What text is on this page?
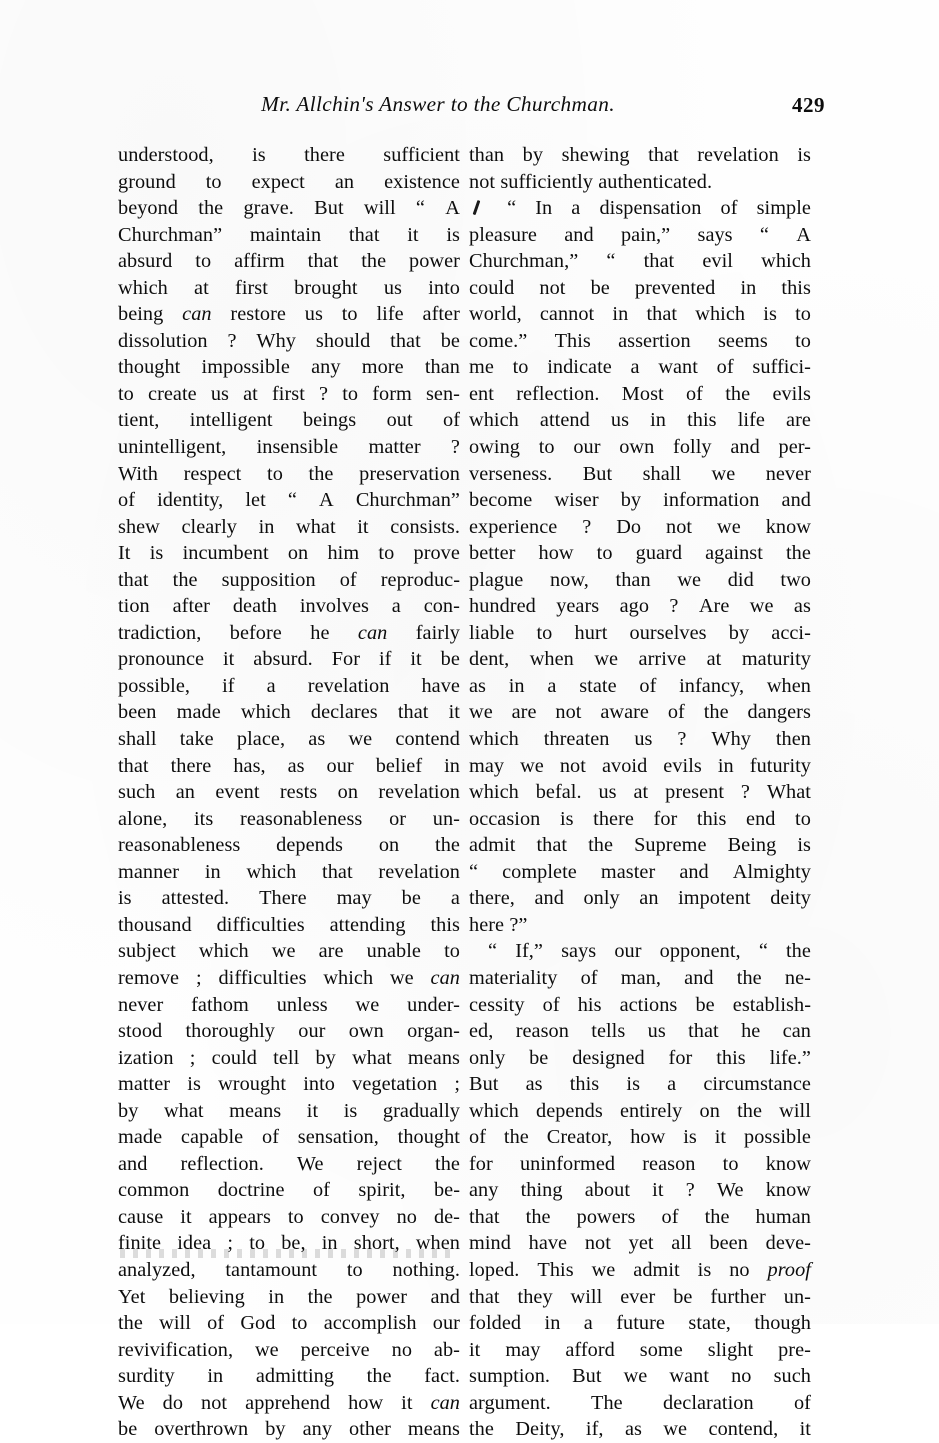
Mr. Allchin's Answer to the Churchman.	429
understood, is there sufficient
ground to expect an existence
beyond the grave. But will “ A
Churchman” maintain that it is
absurd to affirm that the power
which at first brought us into
being can restore us to life after
dissolution ? Why should that be
thought impossible any more than
to create us at first ? to form sen-
tient, intelligent beings out of
unintelligent, insensible matter ?
With respect to the preservation
of identity, let “ A Churchman”
shew clearly in what it consists.
It is incumbent on him to prove
that the supposition of reproduc-
tion after death involves a con-
tradiction, before he can fairly
pronounce it absurd. For if it be
possible, if a revelation have
been made which declares that it
shall take place, as we contend
that there has, as our belief in
such an event rests on revelation
alone, its reasonableness or un-
reasonableness depends on the
manner in which that revelation
is attested. There may be a
thousand difficulties attending this
subject which we are unable to
remove ; difficulties which we can
never fathom unless we under-
stood thoroughly our own organ-
ization ; could tell by what means
matter is wrought into vegetation ;
by what means it is gradually
made capable of sensation, thought
and reflection. We reject the
common doctrine of spirit, be-
cause it appears to convey no de-
finite idea ; to be, in short, when
analyzed, tantamount to nothing.
Yet believing in the power and
the will of God to accomplish our
revivification, we perceive no ab-
surdity in admitting the fact.
We do not apprehend how it can
be overthrown by any other means
than by shewing that revelation is
not sufficiently authenticated.
“ In a dispensation of simple
pleasure and pain,” says “ A
Churchman,” “ that evil which
could not be prevented in this
world, cannot in that which is to
come.” This assertion seems to
me to indicate a want of suffici-
ent reflection. Most of the evils
which attend us in this life are
owing to our own folly and per-
verseness. But shall we never
become wiser by information and
experience ? Do not we know
better how to guard against the
plague now, than we did two
hundred years ago ? Are we as
liable to hurt ourselves by acci-
dent, when we arrive at maturity
as in a state of infancy, when
we are not aware of the dangers
which threaten us ? Why then
may we not avoid evils in futurity
which befal. us at present ? What
occasion is there for this end to
admit that the Supreme Being is
“ complete master and Almighty
there, and only an impotent deity
here ?”
“ If,” says our opponent, “ the
materiality of man, and the ne-
cessity of his actions be establish-
ed, reason tells us that he can
only be designed for this life.”
But as this is a circumstance
which depends entirely on the will
of the Creator, how is it possible
for uninformed reason to know
any thing about it ? We know
that the powers of the human
mind have not yet all been deve-
loped. This we admit is no proof
that they will ever be further un-
folded in a future state, though
it may afford some slight pre-
sumption. But we want no such
argument. The declaration of
the Deity, if, as we contend, it
